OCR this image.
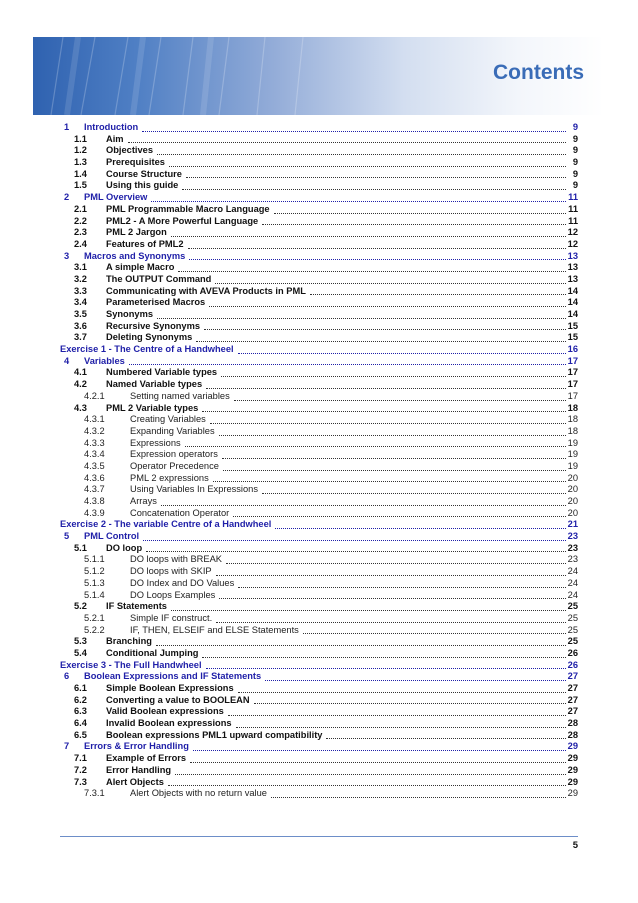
Contents
1 Introduction	9
1.1 Aim	9
1.2 Objectives	9
1.3 Prerequisites	9
1.4 Course Structure	9
1.5 Using this guide	9
2 PML Overview	11
2.1 PML Programmable Macro Language	11
2.2 PML2 - A More Powerful Language	11
2.3 PML 2 Jargon	12
2.4 Features of PML2	12
3 Macros and Synonyms	13
3.1 A simple Macro	13
3.2 The OUTPUT Command	13
3.3 Communicating with AVEVA Products in PML	14
3.4 Parameterised Macros	14
3.5 Synonyms	14
3.6 Recursive Synonyms	15
3.7 Deleting Synonyms	15
Exercise 1 - The Centre of a Handwheel	16
4 Variables	17
4.1 Numbered Variable types	17
4.2 Named Variable types	17
4.2.1	Setting named variables	17
4.3 PML 2 Variable types	18
4.3.1	Creating Variables	18
4.3.2	Expanding Variables	18
4.3.3	Expressions	19
4.3.4	Expression operators	19
4.3.5	Operator Precedence	19
4.3.6	PML 2 expressions	20
4.3.7	Using Variables In Expressions	20
4.3.8	Arrays	20
4.3.9	Concatenation Operator	20
Exercise 2 - The variable Centre of a Handwheel	21
5 PML Control	23
5.1 DO loop	23
5.1.1	DO loops with BREAK	23
5.1.2	DO loops with SKIP	24
5.1.3	DO Index and DO Values	24
5.1.4	DO Loops Examples	24
5.2 IF Statements	25
5.2.1	Simple IF construct.	25
5.2.2	IF, THEN, ELSEIF and ELSE Statements	25
5.3 Branching	25
5.4 Conditional Jumping	26
Exercise 3 - The Full Handwheel	26
6 Boolean Expressions and IF Statements	27
6.1 Simple Boolean Expressions	27
6.2 Converting a value to BOOLEAN	27
6.3 Valid Boolean expressions	27
6.4 Invalid Boolean expressions	28
6.5 Boolean expressions PML1 upward compatibility	28
7 Errors & Error Handling	29
7.1 Example of Errors	29
7.2 Error Handling	29
7.3 Alert Objects	29
7.3.1	Alert Objects with no return value	29
5
